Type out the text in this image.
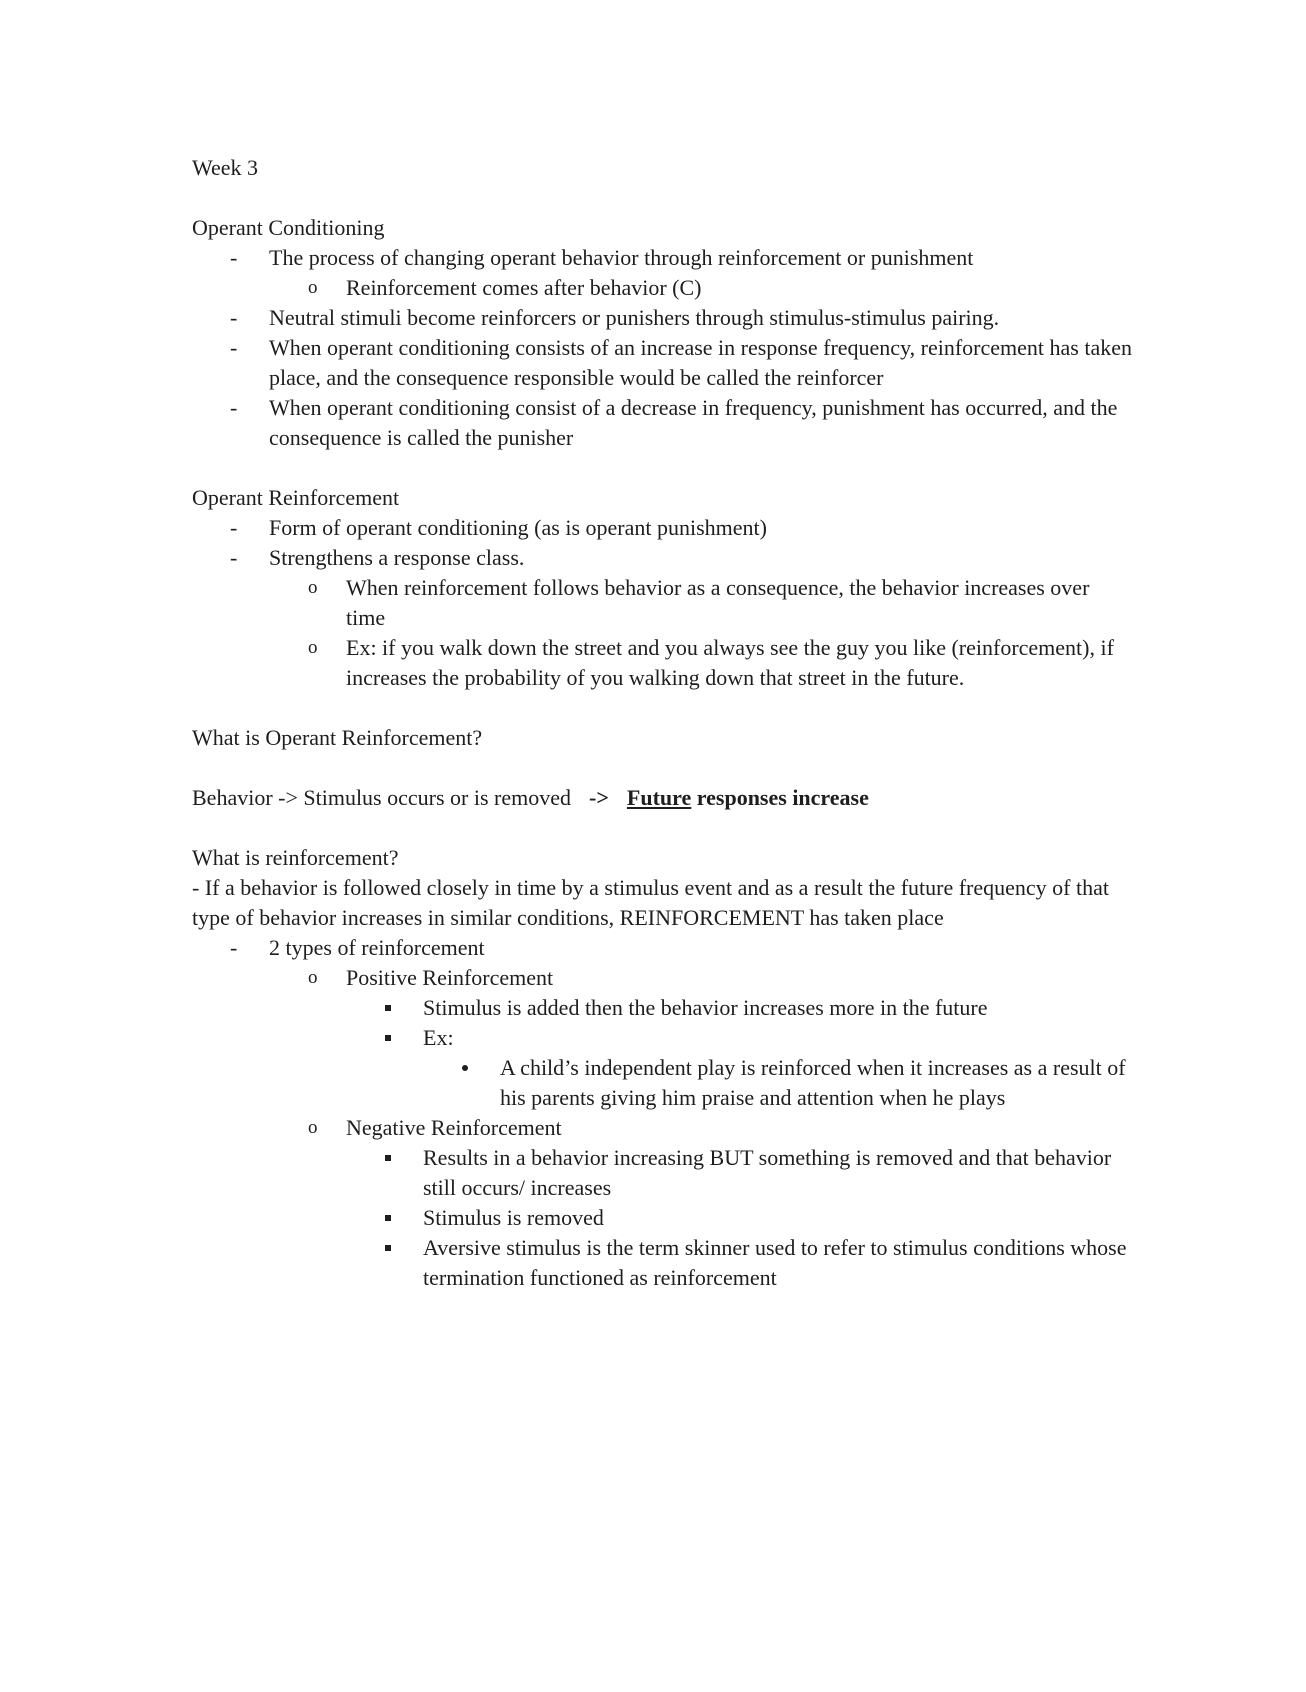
Week 3

Operant Conditioning

- The process of changing operant behavior through reinforcement or punishment
o Reinforcement comes after behavior (C)
- Neutral stimuli become reinforcers or punishers through stimulus-stimulus pairing.
- When operant conditioning consists of an increase in response frequency, reinforcement has taken place, and the consequence responsible would be called the reinforcer
- When operant conditioning consist of a decrease in frequency, punishment has occurred, and the consequence is called the punisher

Operant Reinforcement

- Form of operant conditioning (as is operant punishment)
- Strengthens a response class.
o When reinforcement follows behavior as a consequence, the behavior increases over time
o Ex: if you walk down the street and you always see the guy you like (reinforcement), if increases the probability of you walking down that street in the future.

What is Operant Reinforcement?

Behavior -> Stimulus occurs or is removed -> Future responses increase

What is reinforcement?

- If a behavior is followed closely in time by a stimulus event and as a result the future frequency of that type of behavior increases in similar conditions, REINFORCEMENT has taken place

- 2 types of reinforcement
o Positive Reinforcement
Stimulus is added then the behavior increases more in the future
Ex:
A child’s independent play is reinforced when it increases as a result of his parents giving him praise and attention when he plays
o Negative Reinforcement
Results in a behavior increasing BUT something is removed and that behavior still occurs/ increases
Stimulus is removed
Aversive stimulus is the term skinner used to refer to stimulus conditions whose termination functioned as reinforcement
